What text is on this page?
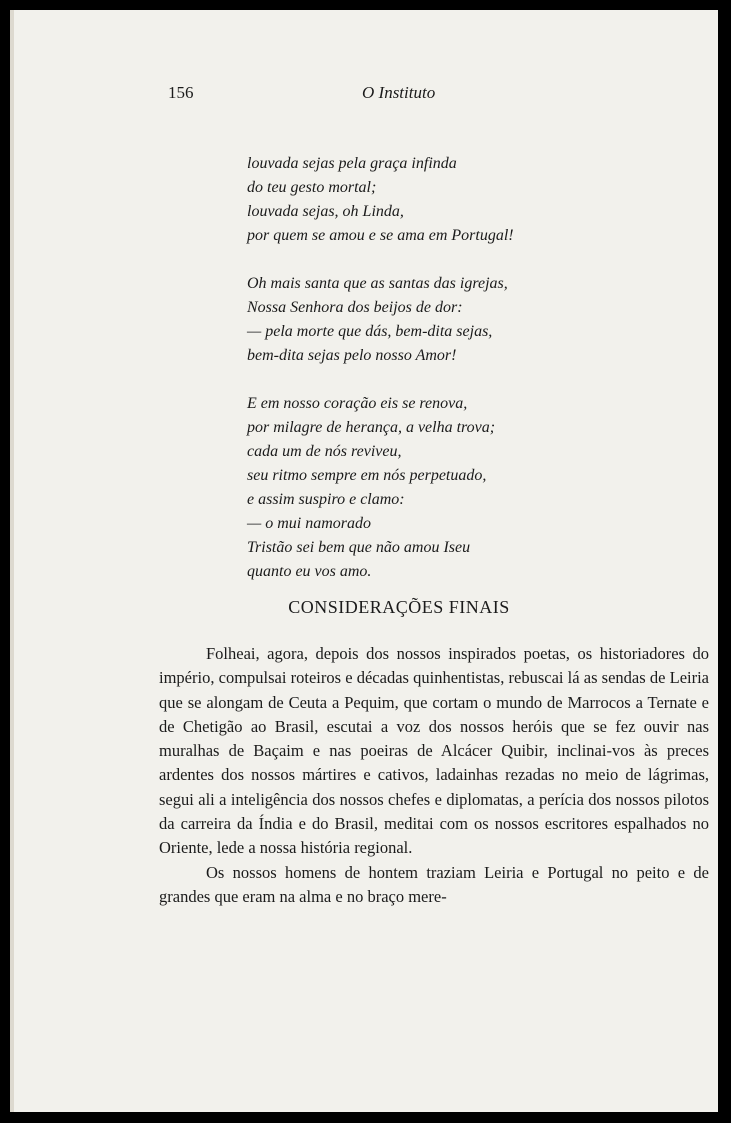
156	O Instituto
louvada sejas pela graça infinda
do teu gesto mortal;
louvada sejas, oh Linda,
por quem se amou e se ama em Portugal!
Oh mais santa que as santas das igrejas,
Nossa Senhora dos beijos de dor:
— pela morte que dás, bem-dita sejas,
bem-dita sejas pelo nosso Amor!
E em nosso coração eis se renova,
por milagre de herança, a velha trova;
cada um de nós reviveu,
seu ritmo sempre em nós perpetuado,
e assim suspiro e clamo:
— o mui namorado
Tristão sei bem que não amou Iseu
quanto eu vos amo.
CONSIDERAÇÕES FINAIS

Folheai, agora, depois dos nossos inspirados poetas, os historiadores do império, compulsai roteiros e décadas quinhentistas, rebuscai lá as sendas de Leiria que se alongam de Ceuta a Pequim, que cortam o mundo de Marrocos a Ternate e de Chetigão ao Brasil, escutai a voz dos nossos heróis que se fez ouvir nas muralhas de Baçaim e nas poeiras de Alcácer Quibir, inclinai-vos às preces ardentes dos nossos mártires e cativos, ladainhas rezadas no meio de lágrimas, segui ali a inteligência dos nossos chefes e diplomatas, a perícia dos nossos pilotos da carreira da Índia e do Brasil, meditai com os nossos escritores espalhados no Oriente, lede a nossa história regional.

Os nossos homens de hontem traziam Leiria e Portugal no peito e de grandes que eram na alma e no braço mere-
